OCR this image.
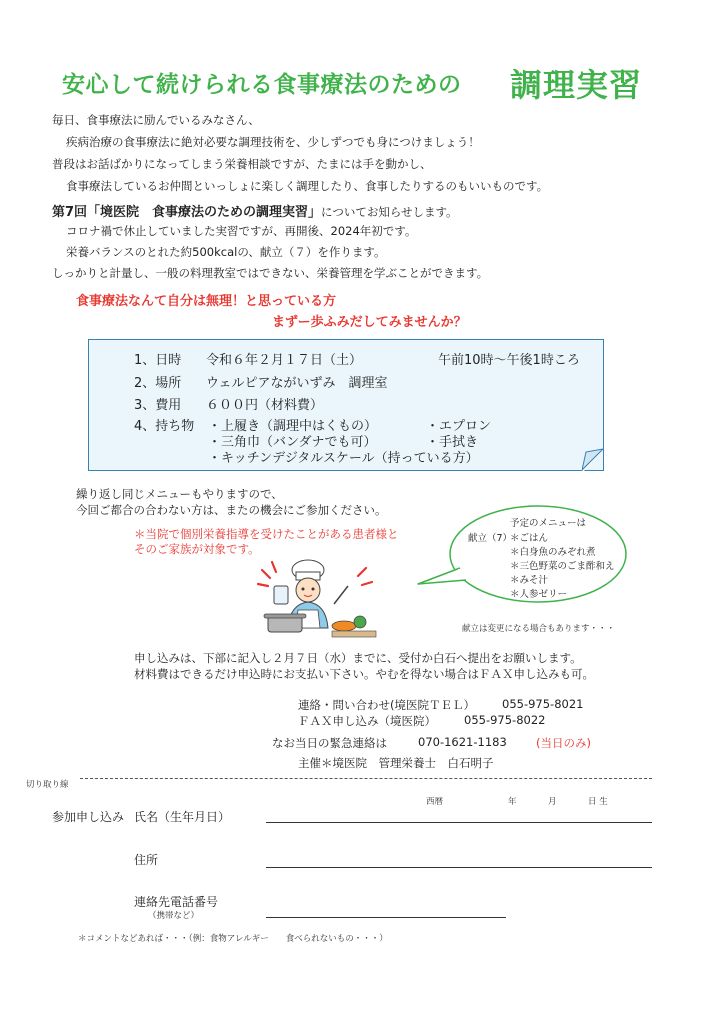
安心して続けられる食事療法のための 調理実習
毎日、食事療法に励んでいるみなさん、
疾病治療の食事療法に絶対必要な調理技術を、少しずつでも身につけましょう！
普段はお話ばかりになってしまう栄養相談ですが、たまには手を動かし、
食事療法しているお仲間といっしょに楽しく調理したり、食事したりするのもいいものです。
第7回「境医院　食事療法のための調理実習」についてお知らせします。
コロナ禍で休止していました実習ですが、再開後、2024年初です。
栄養バランスのとれた約500kcalの、献立（７）を作ります。
しっかりと計量し、一般の料理教室ではできない、栄養管理を学ぶことができます。
食事療法なんて自分は無理！と思っている方
まずー歩ふみだしてみませんか？
1、日時 令和６年２月１７日（土）	午前10時〜午後1時ころ
2、場所 ウェルピアながいずみ　調理室
3、費用 ６００円（材料費）
4、持ち物 ・上履き（調理中はくもの）	・エプロン
・三角巾（バンダナでも可）	・手拭き
・キッチンデジタルスケール（持っている方）
繰り返し同じメニューもやりますので、
今回ご都合の合わない方は、またの機会にご参加ください。
＊当院で個別栄養指導を受けたことがある患者様と
そのご家族が対象です。
予定のメニューは
献立（7）
＊ごはん
＊白身魚のみぞれ煮
＊三色野菜のごま酢和え
＊みそ汁
＊人参ゼリー
献立は変更になる場合もあります・・・
申し込みは、下部に記入し２月７日（水）までに、受付か白石へ提出をお願いします。
材料費はできるだけ申込時にお支払い下さい。やむを得ない場合はＦＡＸ申し込みも可。
連絡・問い合わせ(境医院ＴＥＬ） 055-975-8021
ＦＡＸ申し込み（境医院） 055-975-8022
なお当日の緊急連絡は	070-1621-1183	(当日のみ)
主催＊境医院　管理栄養士　白石明子
切り取り線
西暦	年	月	日 生
参加申し込み 氏名（生年月日）
住所
連絡先電話番号
（携帯など）
＊コメントなどあれば・・・（例：食物アレルギー　　食べられないもの・・・）
